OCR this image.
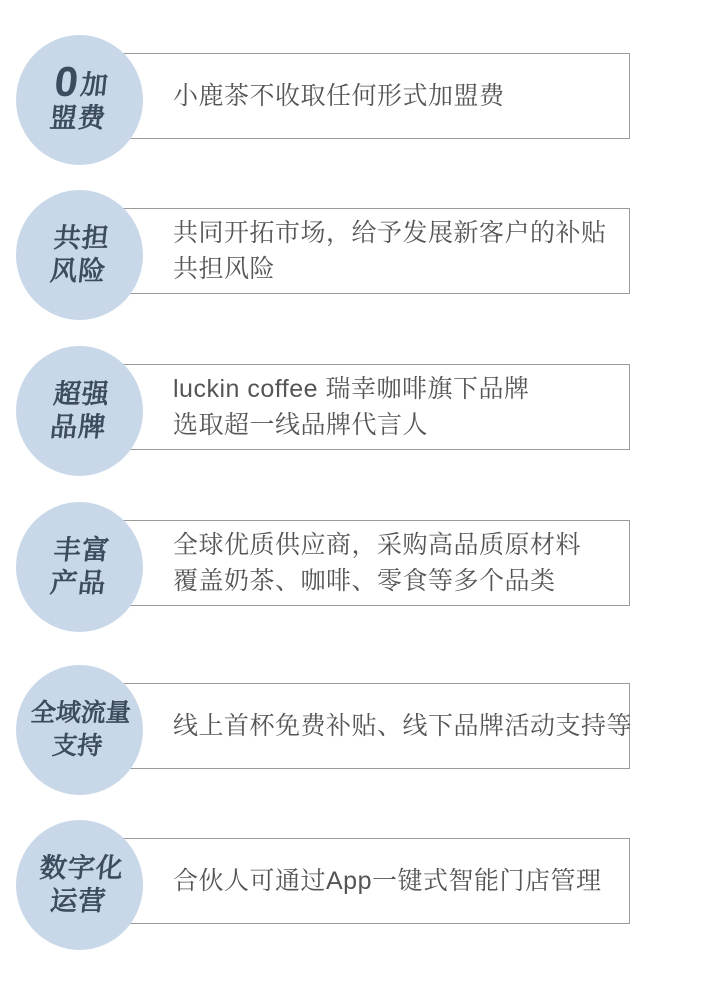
0加
盟费
小鹿茶不收取任何形式加盟费
共担
风险
共同开拓市场，给予发展新客户的补贴
共担风险
超强
品牌
luckin coffee 瑞幸咖啡旗下品牌
选取超一线品牌代言人
丰富
产品
全球优质供应商，采购高品质原材料
覆盖奶茶、咖啡、零食等多个品类
全域流量
支持
线上首杯免费补贴、线下品牌活动支持等
数字化
运营
合伙人可通过App一键式智能门店管理
